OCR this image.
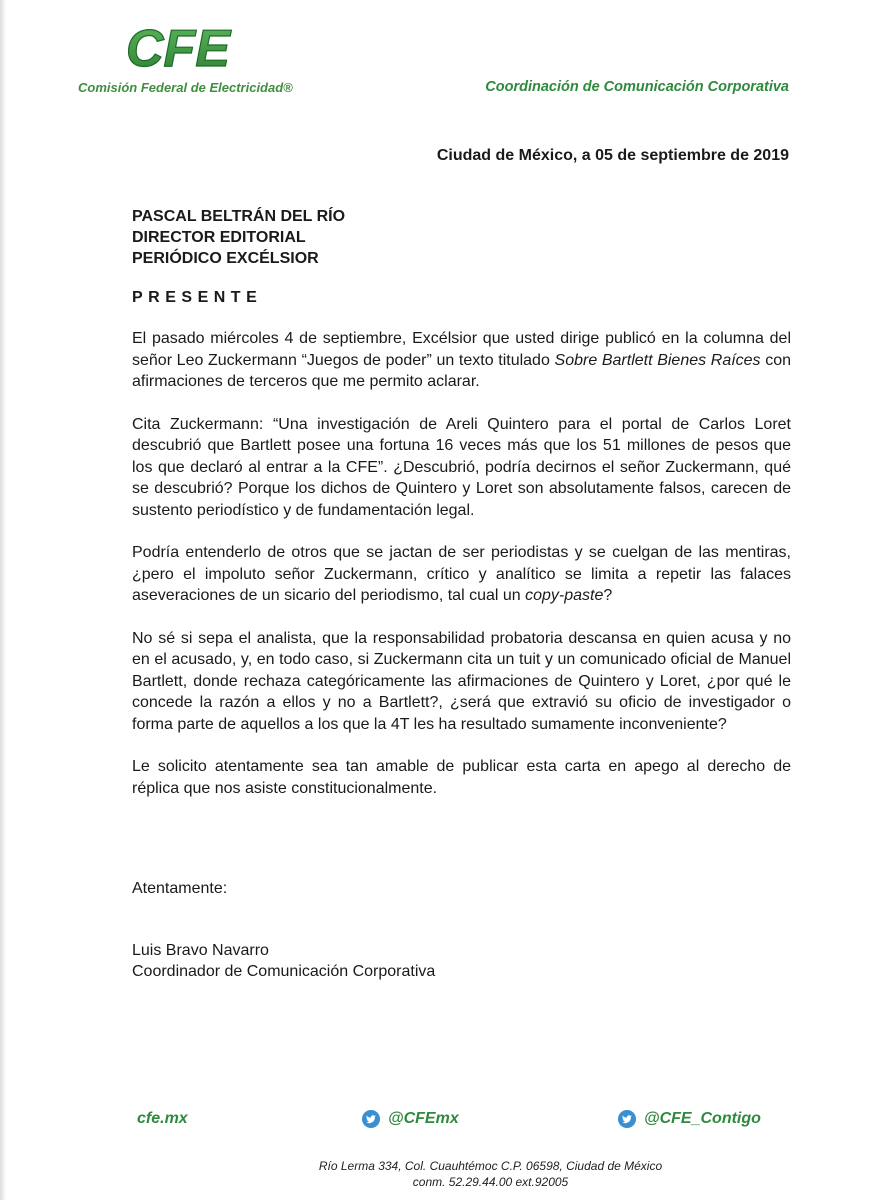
CFE
Comisión Federal de Electricidad®	Coordinación de Comunicación Corporativa
Ciudad de México, a 05 de septiembre de 2019
PASCAL BELTRÁN DEL RÍO
DIRECTOR EDITORIAL
PERIÓDICO EXCÉLSIOR
PRESENTE

El pasado miércoles 4 de septiembre, Excélsior que usted dirige publicó en la columna del señor Leo Zuckermann “Juegos de poder” un texto titulado Sobre Bartlett Bienes Raíces con afirmaciones de terceros que me permito aclarar.

Cita Zuckermann: “Una investigación de Areli Quintero para el portal de Carlos Loret descubrió que Bartlett posee una fortuna 16 veces más que los 51 millones de pesos que los que declaró al entrar a la CFE”. ¿Descubrió, podría decirnos el señor Zuckermann, qué se descubrió? Porque los dichos de Quintero y Loret son absolutamente falsos, carecen de sustento periodístico y de fundamentación legal.

Podría entenderlo de otros que se jactan de ser periodistas y se cuelgan de las mentiras, ¿pero el impoluto señor Zuckermann, crítico y analítico se limita a repetir las falaces aseveraciones de un sicario del periodismo, tal cual un copy-paste?

No sé si sepa el analista, que la responsabilidad probatoria descansa en quien acusa y no en el acusado, y, en todo caso, si Zuckermann cita un tuit y un comunicado oficial de Manuel Bartlett, donde rechaza categóricamente las afirmaciones de Quintero y Loret, ¿por qué le concede la razón a ellos y no a Bartlett?, ¿será que extravió su oficio de investigador o forma parte de aquellos a los que la 4T les ha resultado sumamente inconveniente?

Le solicito atentamente sea tan amable de publicar esta carta en apego al derecho de réplica que nos asiste constitucionalmente.

Atentamente:
Luis Bravo Navarro
Coordinador de Comunicación Corporativa
cfe.mx	@CFEmx	@CFE_Contigo
Río Lerma 334, Col. Cuauhtémoc C.P. 06598, Ciudad de México
conm. 52.29.44.00 ext.92005
